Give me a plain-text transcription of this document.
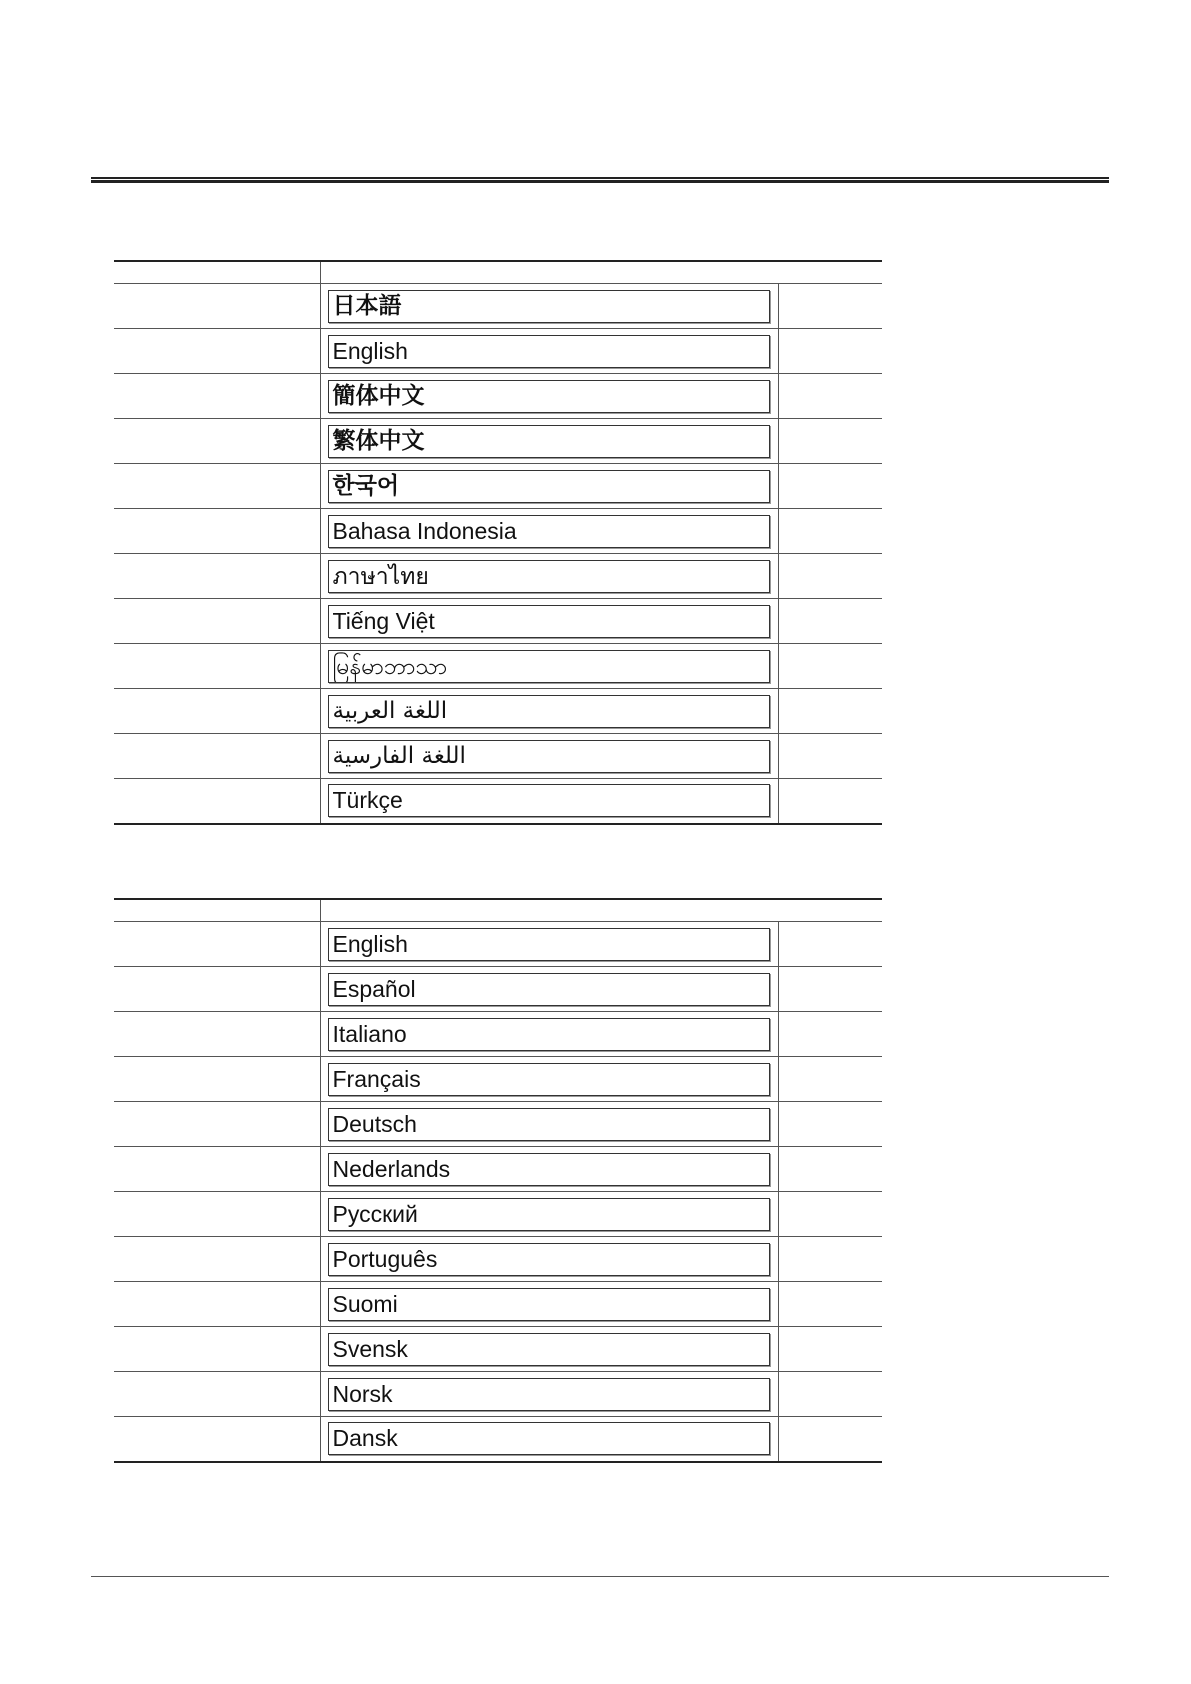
日本語	

English	

簡体中文	

繁体中文	

한국어	

Bahasa Indonesia	

ภาษาไทย	

Tiếng Việt	

မြန်မာဘာသာ	

اللغة العربية	

اللغة الفارسية	

Türkçe	

English	

Español	

Italiano	

Français	

Deutsch	

Nederlands	

Русский	

Português	

Suomi	

Svensk	

Norsk	

Dansk	
